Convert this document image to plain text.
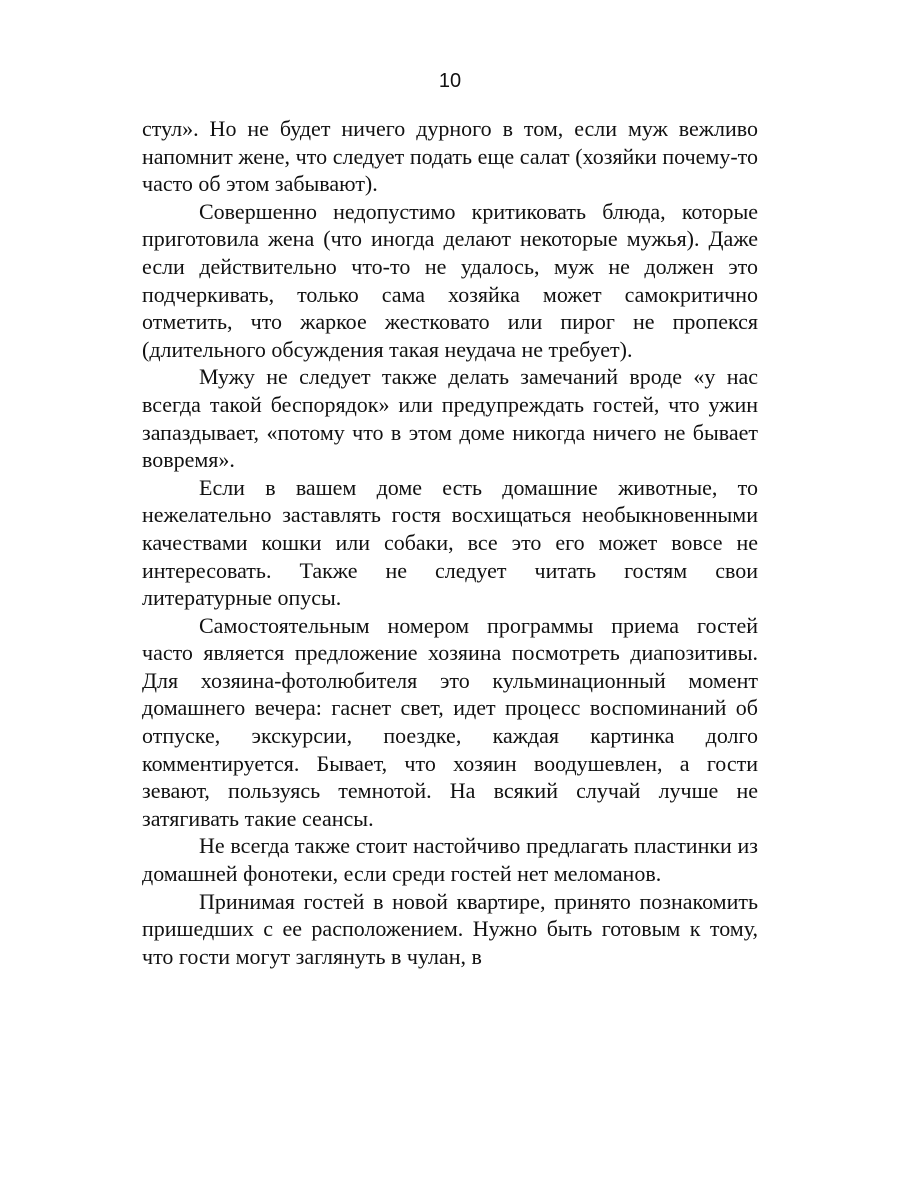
10

стул». Но не будет ничего дурного в том, если муж вежливо напомнит жене, что следует подать еще салат (хозяйки почему-то часто об этом забывают).

Совершенно недопустимо критиковать блюда, которые приготовила жена (что иногда делают некоторые мужья). Даже если действительно что-то не удалось, муж не должен это подчеркивать, только сама хозяйка может самокритично отметить, что жаркое жестковато или пирог не пропекся (длительного обсуждения такая неудача не требует).

Мужу не следует также делать замечаний вроде «у нас всегда такой беспорядок» или предупреждать гостей, что ужин запаздывает, «потому что в этом доме никогда ничего не бывает вовремя».

Если в вашем доме есть домашние животные, то нежелательно заставлять гостя восхищаться необыкновенными качествами кошки или собаки, все это его может вовсе не интересовать. Также не следует читать гостям свои литературные опусы.

Самостоятельным номером программы приема гостей часто является предложение хозяина посмотреть диапозитивы. Для хозяина-фотолюбителя это кульминационный момент домашнего вечера: гаснет свет, идет процесс воспоминаний об отпуске, экскурсии, поездке, каждая картинка долго комментируется. Бывает, что хозяин воодушевлен, а гости зевают, пользуясь темнотой. На всякий случай лучше не затягивать такие сеансы.

Не всегда также стоит настойчиво предлагать пластинки из домашней фонотеки, если среди гостей нет меломанов.

Принимая гостей в новой квартире, принято познакомить пришедших с ее расположением. Нужно быть готовым к тому, что гости могут заглянуть в чулан, в
